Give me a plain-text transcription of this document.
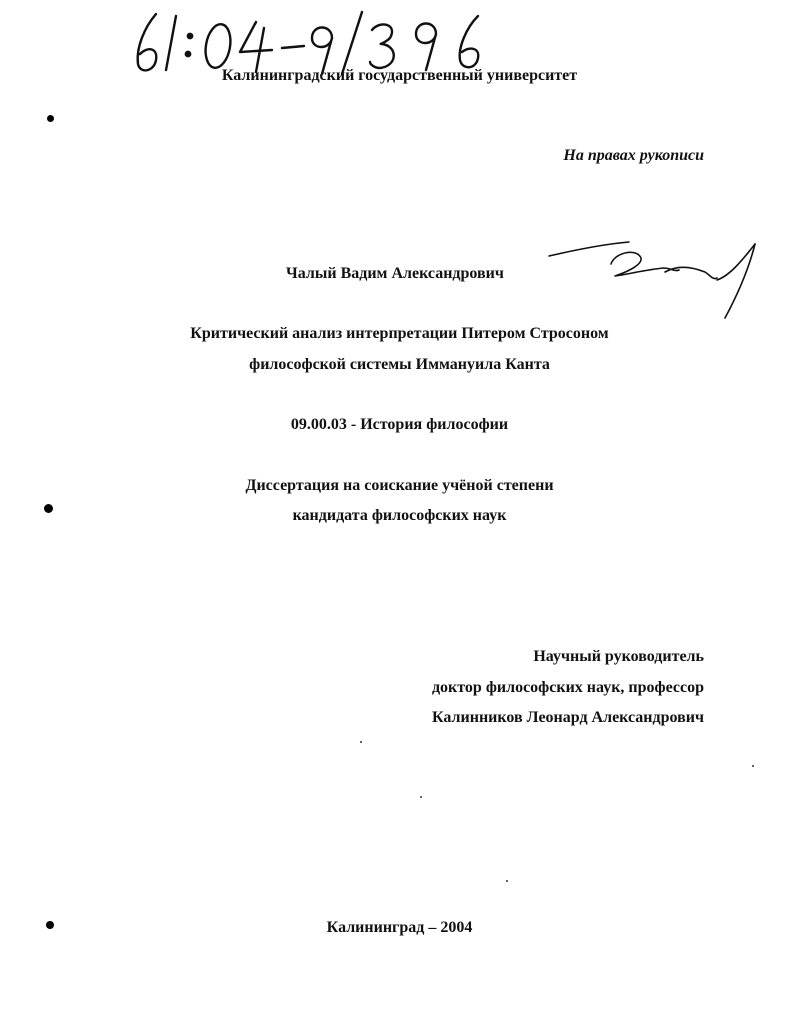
Калининградский государственный университет
На правах рукописи
Чалый Вадим Александрович
Критический анализ интерпретации Питером Стросоном
философской системы Иммануила Канта
09.00.03 - История философии
Диссертация на соискание учёной степени
кандидата философских наук
Научный руководитель
доктор философских наук, профессор
Калинников Леонард Александрович
Калининград – 2004
